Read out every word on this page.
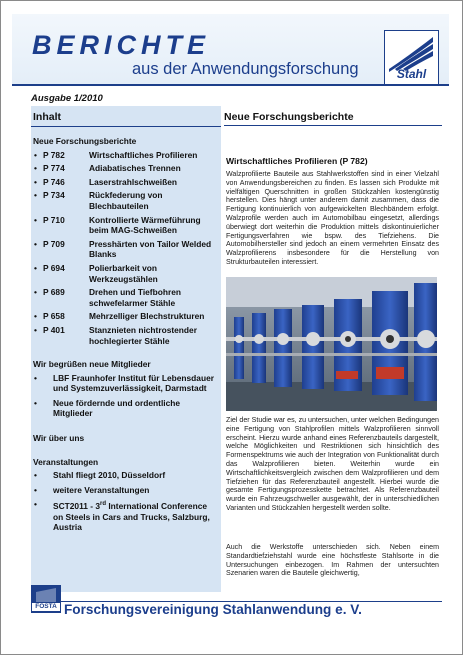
BERICHTE
aus der Anwendungsforschung	Stahl
Ausgabe 1/2010
Inhalt
Neue Forschungsberichte
• P 782	Wirtschaftliches Profilieren
• P 774	Adiabatisches Trennen
• P 746	Laserstrahlschweißen
• P 734	Rückfederung von Blechbauteilen
• P 710	Kontrollierte Wärmeführung beim MAG-Schweißen
• P 709	Presshärten von Tailor Welded Blanks
• P 694	Polierbarkeit von Werkzeugstählen
• P 689	Drehen und Tiefbohren schwefelarmer Stähle
• P 658	Mehrzelliger Blechstrukturen
• P 401	Stanznieten nichtrostender hochlegierter Stähle
Wir begrüßen neue Mitglieder
• LBF Fraunhofer Institut für Lebensdauer und Systemzuverlässigkeit, Darmstadt
• Neue fördernde und ordentliche Mitglieder
Wir über uns
Veranstaltungen
• Stahl fliegt 2010, Düsseldorf
• weitere Veranstaltungen
• SCT2011 - 3rd International Conference on Steels in Cars and Trucks, Salzburg, Austria
Neue Forschungsberichte
Wirtschaftliches Profilieren (P 782)
Walzprofilierte Bauteile aus Stahlwerkstoffen sind in einer Vielzahl von Anwendungsbereichen zu finden. Es lassen sich Produkte mit vielfältigen Querschnitten in großen Stückzahlen kostengünstig herstellen. Dies hängt unter anderem damit zusammen, dass die Fertigung kontinuierlich von aufgewickelten Blechbändern erfolgt. Walzprofile werden auch im Automobilbau eingesetzt, allerdings überwiegt dort weiterhin die Produktion mittels diskontinuierlicher Fertigungsverfahren wie bspw. des Tiefziehens. Die Automobilhersteller sind jedoch an einem vermehrten Einsatz des Walzprofilierens insbesondere für die Herstellung von Strukturbauteilen interessiert.
Ziel der Studie war es, zu untersuchen, unter welchen Bedingungen eine Fertigung von Stahlprofilen mittels Walzprofilieren sinnvoll erscheint. Hierzu wurde anhand eines Referenzbauteils dargestellt, welche Möglichkeiten und Restriktionen sich hinsichtlich des Formenspektrums wie auch der Integration von Funktionalität durch das Walzprofilieren bieten. Weiterhin wurde ein Wirtschaftlichkeitsvergleich zwischen dem Walzprofilieren und dem Tiefziehen für das Referenzbauteil angestellt. Hierbei wurde die gesamte Fertigungsprozesskette betrachtet. Als Referenzbauteil wurde ein Fahrzeugschweller ausgewählt, der in unterschiedlichen Varianten und Stückzahlen hergestellt werden sollte.
Auch die Werkstoffe unterschieden sich. Neben einem Standardtiefziehstahl wurde eine höchstfeste Stahlsorte in die Untersuchungen einbezogen. Im Rahmen der untersuchten Szenarien waren die Bauteile gleichwertig,
FOSTA Forschungsvereinigung Stahlanwendung e. V.
